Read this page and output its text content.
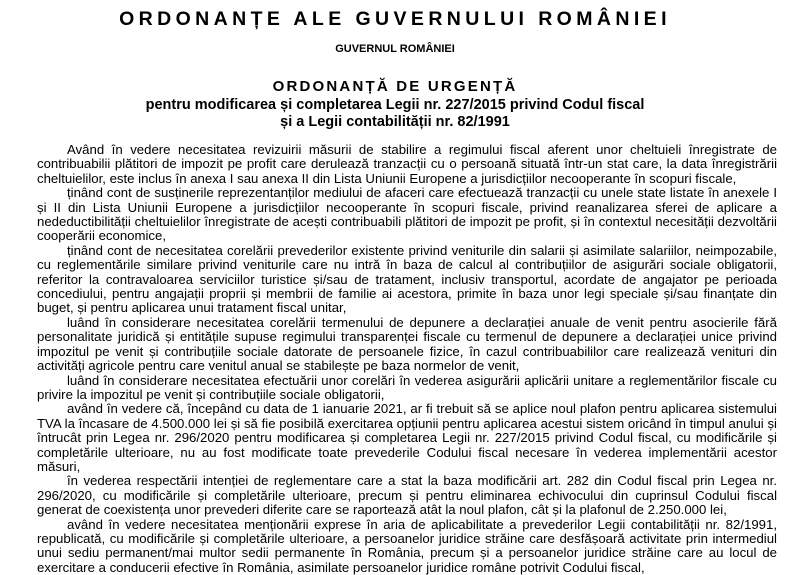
ORDONANȚE ALE GUVERNULUI ROMÂNIEI
GUVERNUL ROMÂNIEI
ORDONANȚĂ DE URGENȚĂ
pentru modificarea și completarea Legii nr. 227/2015 privind Codul fiscal
și a Legii contabilității nr. 82/1991

Având în vedere necesitatea revizuirii măsurii de stabilire a regimului fiscal aferent unor cheltuieli înregistrate de contribuabilii plătitori de impozit pe profit care derulează tranzacții cu o persoană situată într-un stat care, la data înregistrării cheltuielilor, este inclus în anexa I sau anexa II din Lista Uniunii Europene a jurisdicțiilor necooperante în scopuri fiscale,

ținând cont de susținerile reprezentanților mediului de afaceri care efectuează tranzacții cu unele state listate în anexele I și II din Lista Uniunii Europene a jurisdicțiilor necooperante în scopuri fiscale, privind reanalizarea sferei de aplicare a nedeductibilității cheltuielilor înregistrate de acești contribuabili plătitori de impozit pe profit, și în contextul necesității dezvoltării cooperării economice,

ținând cont de necesitatea corelării prevederilor existente privind veniturile din salarii și asimilate salariilor, neimpozabile, cu reglementările similare privind veniturile care nu intră în baza de calcul al contribuțiilor de asigurări sociale obligatorii, referitor la contravaloarea serviciilor turistice și/sau de tratament, inclusiv transportul, acordate de angajator pe perioada concediului, pentru angajații proprii și membrii de familie ai acestora, primite în baza unor legi speciale și/sau finanțate din buget, și pentru aplicarea unui tratament fiscal unitar,

luând în considerare necesitatea corelării termenului de depunere a declarației anuale de venit pentru asocierile fără personalitate juridică și entitățile supuse regimului transparenței fiscale cu termenul de depunere a declarației unice privind impozitul pe venit și contribuțiile sociale datorate de persoanele fizice, în cazul contribuabililor care realizează venituri din activități agricole pentru care venitul anual se stabilește pe baza normelor de venit,

luând în considerare necesitatea efectuării unor corelări în vederea asigurării aplicării unitare a reglementărilor fiscale cu privire la impozitul pe venit și contribuțiile sociale obligatorii,

având în vedere că, începând cu data de 1 ianuarie 2021, ar fi trebuit să se aplice noul plafon pentru aplicarea sistemului TVA la încasare de 4.500.000 lei și să fie posibilă exercitarea opțiunii pentru aplicarea acestui sistem oricând în timpul anului și întrucât prin Legea nr. 296/2020 pentru modificarea și completarea Legii nr. 227/2015 privind Codul fiscal, cu modificările și completările ulterioare, nu au fost modificate toate prevederile Codului fiscal necesare în vederea implementării acestor măsuri,

în vederea respectării intenției de reglementare care a stat la baza modificării art. 282 din Codul fiscal prin Legea nr. 296/2020, cu modificările și completările ulterioare, precum și pentru eliminarea echivocului din cuprinsul Codului fiscal generat de coexistența unor prevederi diferite care se raportează atât la noul plafon, cât și la plafonul de 2.250.000 lei,

având în vedere necesitatea menționării exprese în aria de aplicabilitate a prevederilor Legii contabilității nr. 82/1991, republicată, cu modificările și completările ulterioare, a persoanelor juridice străine care desfășoară activitate prin intermediul unui sediu permanent/mai multor sedii permanente în România, precum și a persoanelor juridice străine care au locul de exercitare a conducerii efective în România, asimilate persoanelor juridice române potrivit Codului fiscal,
